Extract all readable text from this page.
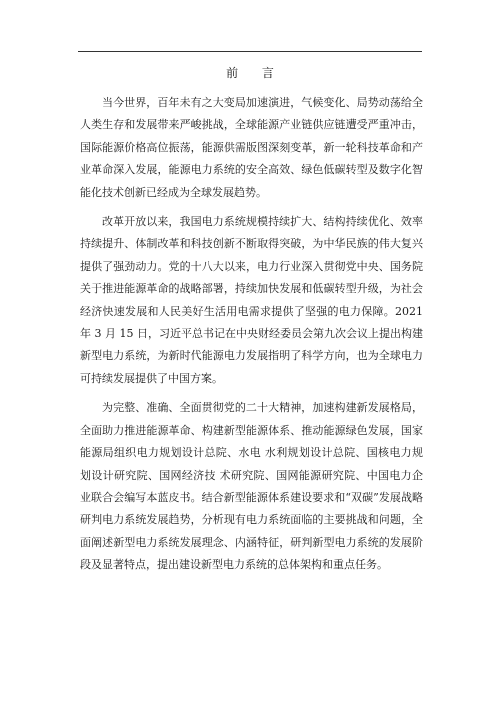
前 言

当今世界，百年未有之大变局加速演进，气候变化、局势动荡给全人类生存和发展带来严峻挑战，全球能源产业链供应链遭受严重冲击，国际能源价格高位振荡，能源供需版图深刻变革，新一轮科技革命和产业革命深入发展，能源电力系统的安全高效、绿色低碳转型及数字化智能化技术创新已经成为全球发展趋势。

改革开放以来，我国电力系统规模持续扩大、结构持续优化、效率持续提升、体制改革和科技创新不断取得突破，为中华民族的伟大复兴提供了强劲动力。党的十八大以来，电力行业深入贯彻党中央、国务院关于推进能源革命的战略部署，持续加快发展和低碳转型升级，为社会经济快速发展和人民美好生活用电需求提供了坚强的电力保障。2021 年 3 月 15 日，习近平总书记在中央财经委员会第九次会议上提出构建新型电力系统，为新时代能源电力发展指明了科学方向，也为全球电力可持续发展提供了中国方案。

为完整、准确、全面贯彻党的二十大精神，加速构建新发展格局，全面助力推进能源革命、构建新型能源体系、推动能源绿色发展，国家能源局组织电力规划设计总院、水电 水利规划设计总院、国核电力规划设计研究院、国网经济技 术研究院、国网能源研究院、中国电力企业联合会编写本蓝皮书。结合新型能源体系建设要求和“双碳”发展战略研判电力系统发展趋势，分析现有电力系统面临的主要挑战和问题，全面阐述新型电力系统发展理念、内涵特征，研判新型电力系统的发展阶段及显著特点，提出建设新型电力系统的总体架构和重点任务。
